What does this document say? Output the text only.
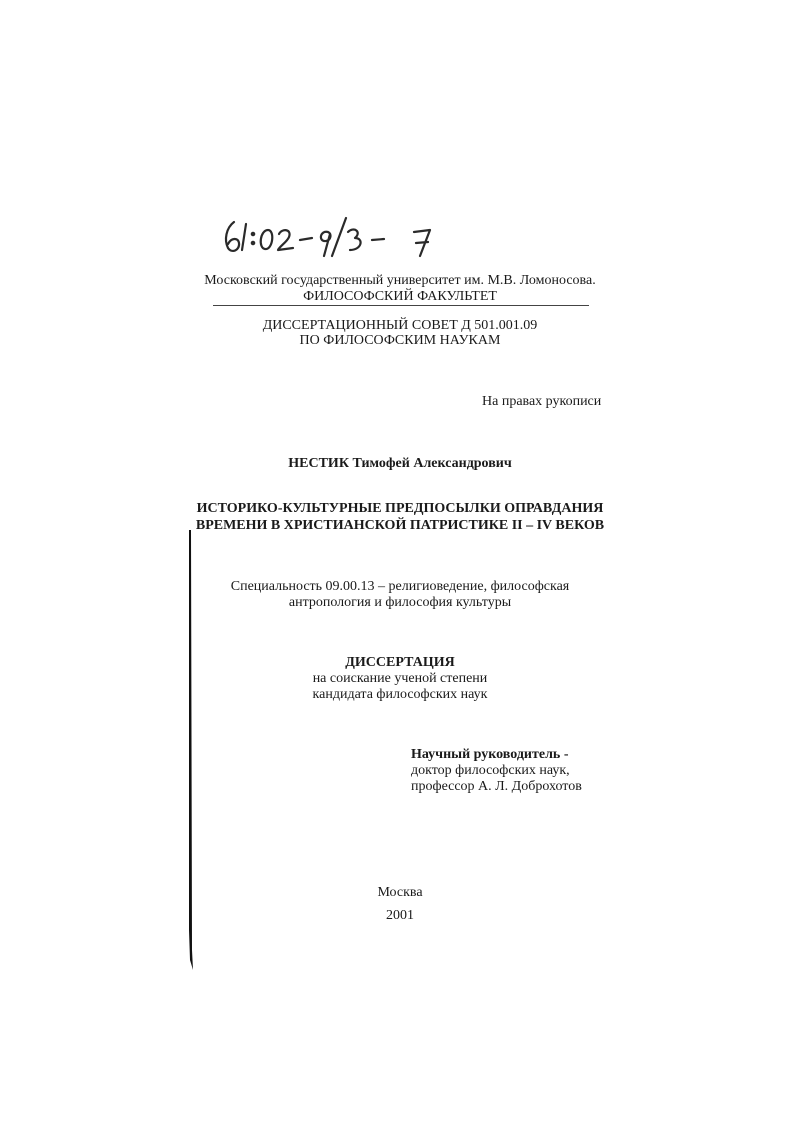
Московский государственный университет им. М.В. Ломоносова.
ФИЛОСОФСКИЙ ФАКУЛЬТЕТ
ДИССЕРТАЦИОННЫЙ СОВЕТ Д 501.001.09
ПО ФИЛОСОФСКИМ НАУКАМ
На правах рукописи
НЕСТИК Тимофей Александрович
ИСТОРИКО-КУЛЬТУРНЫЕ ПРЕДПОСЫЛКИ ОПРАВДАНИЯ
ВРЕМЕНИ В ХРИСТИАНСКОЙ ПАТРИСТИКЕ II – IV ВЕКОВ
Специальность 09.00.13 – религиоведение, философская
антропология и философия культуры
ДИССЕРТАЦИЯ
на соискание ученой степени
кандидата философских наук
Научный руководитель -
доктор философских наук,
профессор А. Л. Доброхотов
Москва
2001
